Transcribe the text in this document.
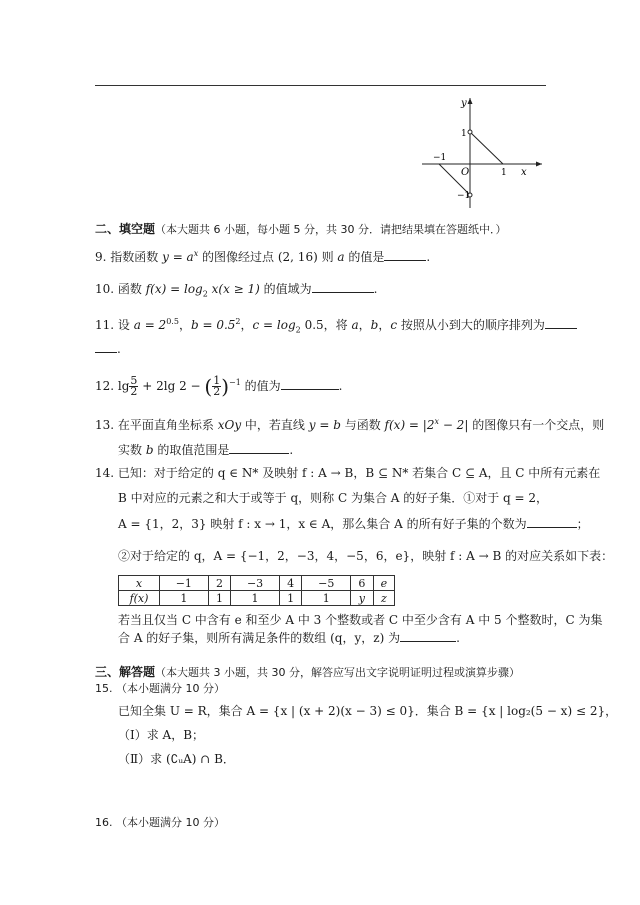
y
x
O
1
−1
1
−1
二、填空题（本大题共 6 小题，每小题 5 分，共 30 分．请把结果填在答题纸中．）
9. 指数函数 $y = a^x$ 的图像经过点 (2, 16) 则 a 的值是	.
10. 函数 $f(x) = \log_2 x(x \ge 1)$ 的值域为	.
11. 设 $a = 2^{0.5}$，$b = 0.5^2$，$c = \log_2 0.5$，将 a，b，c 按照从小到大的顺序排列为
.
12. $\lg \frac{5}{2} + 2\lg$ 2 − ( $\frac{1}{2} )^{-1}$ 的值为	.
13. 在平面直角坐标系 xOy 中，若直线 y = b 与函数 $f(x) = |2^x - 2|$ 的图像只有一个交点，则
实数 b 的取值范围是	.
14. 已知：对于给定的 q ∈ N* 及映射 f : A → B，B ⊆ N* 若集合 C ⊆ A，且 C 中所有元素在
B 中对应的元素之和大于或等于 q，则称 C 为集合 A 的好子集．①对于 q = 2，
A = {1，2，3} 映射 f : x → 1，x ∈ A，那么集合 A 的所有好子集的个数为	；
②对于给定的 q，A = {−1，2，−3，4，−5，6，e}，映射 f : A → B 的对应关系如下表：
x	−1	2	−3	4	−5	6	e
f(x)	1	1	1	1	1	y	z
若当且仅当 C 中含有 e 和至少 A 中 3 个整数或者 C 中至少含有 A 中 5 个整数时，C 为集
合 A 的好子集，则所有满足条件的数组 (q，y，z) 为	.
三、解答题（本大题共 3 小题，共 30 分，解答应写出文字说明证明过程或演算步骤）
15. （本小题满分 10 分）
已知全集 U = R，集合 A = {x | (x + 2)(x − 3) ≤ 0}．集合 B = {x | log₂(5 − x) ≤ 2}，
（Ⅰ）求 A，B；
（Ⅱ）求 (∁ᵤA) ∩ B．
16. （本小题满分 10 分）
